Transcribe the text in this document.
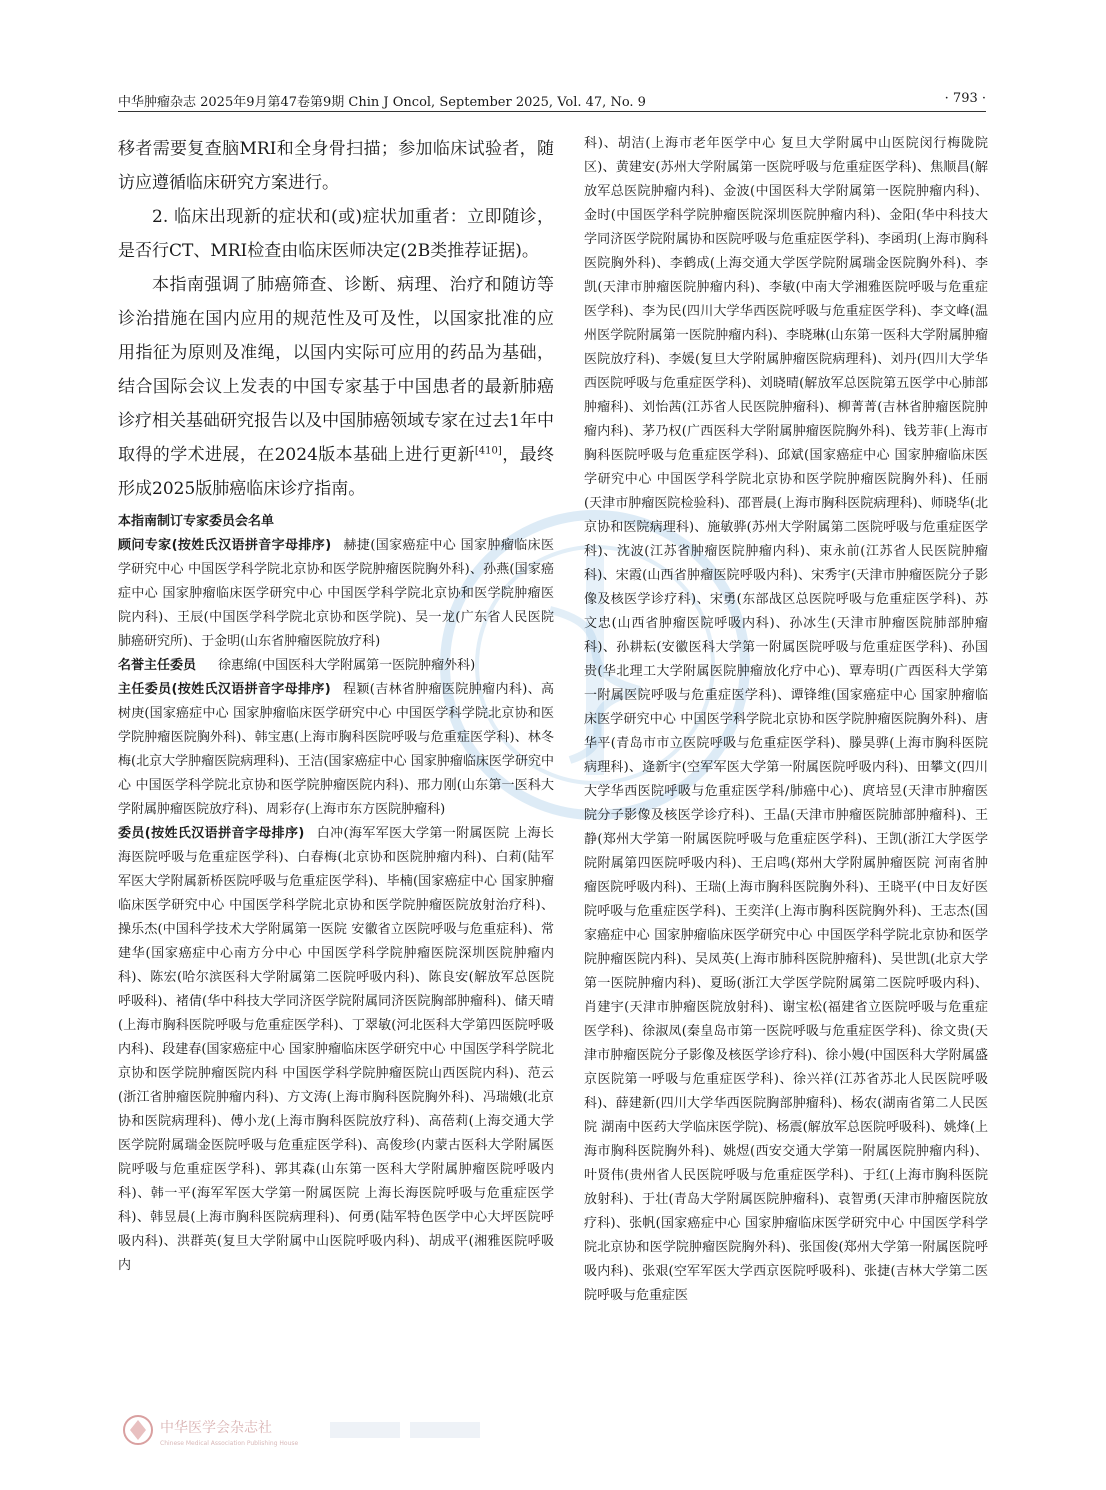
中华肿瘤杂志 2025年9月第47卷第9期 Chin J Oncol, September 2025, Vol. 47, No. 9	· 793 ·

移者需要复查脑MRI和全身骨扫描；参加临床试验者，随访应遵循临床研究方案进行。

2. 临床出现新的症状和(或)症状加重者：立即随诊，是否行CT、MRI检查由临床医师决定(2B类推荐证据)。

本指南强调了肺癌筛查、诊断、病理、治疗和随访等诊治措施在国内应用的规范性及可及性，以国家批准的应用指征为原则及准绳，以国内实际可应用的药品为基础，结合国际会议上发表的中国专家基于中国患者的最新肺癌诊疗相关基础研究报告以及中国肺癌领域专家在过去1年中取得的学术进展，在2024版本基础上进行更新[410]，最终形成2025版肺癌临床诊疗指南。

本指南制订专家委员会名单

顾问专家(按姓氏汉语拼音字母排序) 赫捷(国家癌症中心 国家肿瘤临床医学研究中心 中国医学科学院北京协和医学院肿瘤医院胸外科)、孙燕(国家癌症中心 国家肿瘤临床医学研究中心 中国医学科学院北京协和医学院肿瘤医院内科)、王辰(中国医学科学院北京协和医学院)、吴一龙(广东省人民医院肺癌研究所)、于金明(山东省肿瘤医院放疗科)

名誉主任委员 徐惠绵(中国医科大学附属第一医院肿瘤外科)

主任委员(按姓氏汉语拼音字母排序) 程颖(吉林省肿瘤医院肿瘤内科)、高树庚(国家癌症中心 国家肿瘤临床医学研究中心 中国医学科学院北京协和医学院肿瘤医院胸外科)、韩宝惠(上海市胸科医院呼吸与危重症医学科)、林冬梅(北京大学肿瘤医院病理科)、王洁(国家癌症中心 国家肿瘤临床医学研究中心 中国医学科学院北京协和医学院肿瘤医院内科)、邢力刚(山东第一医科大学附属肿瘤医院放疗科)、周彩存(上海市东方医院肿瘤科)

委员(按姓氏汉语拼音字母排序) 白冲(海军军医大学第一附属医院 上海长海医院呼吸与危重症医学科)、白春梅(北京协和医院肿瘤内科)、白莉(陆军军医大学附属新桥医院呼吸与危重症医学科)、毕楠(国家癌症中心 国家肿瘤临床医学研究中心 中国医学科学院北京协和医学院肿瘤医院放射治疗科)、操乐杰(中国科学技术大学附属第一医院 安徽省立医院呼吸与危重症科)、常建华(国家癌症中心南方分中心 中国医学科学院肿瘤医院深圳医院肿瘤内科)、陈宏(哈尔滨医科大学附属第二医院呼吸内科)、陈良安(解放军总医院呼吸科)、褚倩(华中科技大学同济医学院附属同济医院胸部肿瘤科)、储天晴(上海市胸科医院呼吸与危重症医学科)、丁翠敏(河北医科大学第四医院呼吸内科)、段建春(国家癌症中心 国家肿瘤临床医学研究中心 中国医学科学院北京协和医学院肿瘤医院内科 中国医学科学院肿瘤医院山西医院内科)、范云(浙江省肿瘤医院肿瘤内科)、方文涛(上海市胸科医院胸外科)、冯瑞娥(北京协和医院病理科)、傅小龙(上海市胸科医院放疗科)、高蓓莉(上海交通大学医学院附属瑞金医院呼吸与危重症医学科)、高俊珍(内蒙古医科大学附属医院呼吸与危重症医学科)、郭其森(山东第一医科大学附属肿瘤医院呼吸内科)、韩一平(海军军医大学第一附属医院 上海长海医院呼吸与危重症医学科)、韩昱晨(上海市胸科医院病理科)、何勇(陆军特色医学中心大坪医院呼吸内科)、洪群英(复旦大学附属中山医院呼吸内科)、胡成平(湘雅医院呼吸内

科)、胡洁(上海市老年医学中心 复旦大学附属中山医院闵行梅陇院区)、黄建安(苏州大学附属第一医院呼吸与危重症医学科)、焦顺昌(解放军总医院肿瘤内科)、金波(中国医科大学附属第一医院肿瘤内科)、金时(中国医学科学院肿瘤医院深圳医院肿瘤内科)、金阳(华中科技大学同济医学院附属协和医院呼吸与危重症医学科)、李函玥(上海市胸科医院胸外科)、李鹤成(上海交通大学医学院附属瑞金医院胸外科)、李凯(天津市肿瘤医院肿瘤内科)、李敏(中南大学湘雅医院呼吸与危重症医学科)、李为民(四川大学华西医院呼吸与危重症医学科)、李文峰(温州医学院附属第一医院肿瘤内科)、李晓琳(山东第一医科大学附属肿瘤医院放疗科)、李媛(复旦大学附属肿瘤医院病理科)、刘丹(四川大学华西医院呼吸与危重症医学科)、刘晓晴(解放军总医院第五医学中心肺部肿瘤科)、刘怡茜(江苏省人民医院肿瘤科)、柳菁菁(吉林省肿瘤医院肿瘤内科)、茅乃权(广西医科大学附属肿瘤医院胸外科)、钱芳菲(上海市胸科医院呼吸与危重症医学科)、邱斌(国家癌症中心 国家肿瘤临床医学研究中心 中国医学科学院北京协和医学院肿瘤医院胸外科)、任丽(天津市肿瘤医院检验科)、邵晋晨(上海市胸科医院病理科)、师晓华(北京协和医院病理科)、施敏骅(苏州大学附属第二医院呼吸与危重症医学科)、沈波(江苏省肿瘤医院肿瘤内科)、束永前(江苏省人民医院肿瘤科)、宋霞(山西省肿瘤医院呼吸内科)、宋秀宇(天津市肿瘤医院分子影像及核医学诊疗科)、宋勇(东部战区总医院呼吸与危重症医学科)、苏文忠(山西省肿瘤医院呼吸内科)、孙冰生(天津市肿瘤医院肺部肿瘤科)、孙耕耘(安徽医科大学第一附属医院呼吸与危重症医学科)、孙国贵(华北理工大学附属医院肿瘤放化疗中心)、覃寿明(广西医科大学第一附属医院呼吸与危重症医学科)、谭锋维(国家癌症中心 国家肿瘤临床医学研究中心 中国医学科学院北京协和医学院肿瘤医院胸外科)、唐华平(青岛市市立医院呼吸与危重症医学科)、滕昊骅(上海市胸科医院病理科)、逄新宇(空军军医大学第一附属医院呼吸内科)、田攀文(四川大学华西医院呼吸与危重症医学科/肺癌中心)、庹培昱(天津市肿瘤医院分子影像及核医学诊疗科)、王晶(天津市肿瘤医院肺部肿瘤科)、王静(郑州大学第一附属医院呼吸与危重症医学科)、王凯(浙江大学医学院附属第四医院呼吸内科)、王启鸣(郑州大学附属肿瘤医院 河南省肿瘤医院呼吸内科)、王瑞(上海市胸科医院胸外科)、王晓平(中日友好医院呼吸与危重症医学科)、王奕洋(上海市胸科医院胸外科)、王志杰(国家癌症中心 国家肿瘤临床医学研究中心 中国医学科学院北京协和医学院肿瘤医院内科)、吴凤英(上海市肺科医院肿瘤科)、吴世凯(北京大学第一医院肿瘤内科)、夏旸(浙江大学医学院附属第二医院呼吸内科)、肖建宇(天津市肿瘤医院放射科)、谢宝松(福建省立医院呼吸与危重症医学科)、徐淑凤(秦皇岛市第一医院呼吸与危重症医学科)、徐文贵(天津市肿瘤医院分子影像及核医学诊疗科)、徐小嫚(中国医科大学附属盛京医院第一呼吸与危重症医学科)、徐兴祥(江苏省苏北人民医院呼吸科)、薛建新(四川大学华西医院胸部肿瘤科)、杨农(湖南省第二人民医院 湖南中医药大学临床医学院)、杨震(解放军总医院呼吸科)、姚烽(上海市胸科医院胸外科)、姚煜(西安交通大学第一附属医院肿瘤内科)、叶贤伟(贵州省人民医院呼吸与危重症医学科)、于红(上海市胸科医院放射科)、于壮(青岛大学附属医院肿瘤科)、袁智勇(天津市肿瘤医院放疗科)、张帆(国家癌症中心 国家肿瘤临床医学研究中心 中国医学科学院北京协和医学院肿瘤医院胸外科)、张国俊(郑州大学第一附属医院呼吸内科)、张艰(空军军医大学西京医院呼吸科)、张捷(吉林大学第二医院呼吸与危重症医

中华医学会杂志社
Chinese Medical Association Publishing House
